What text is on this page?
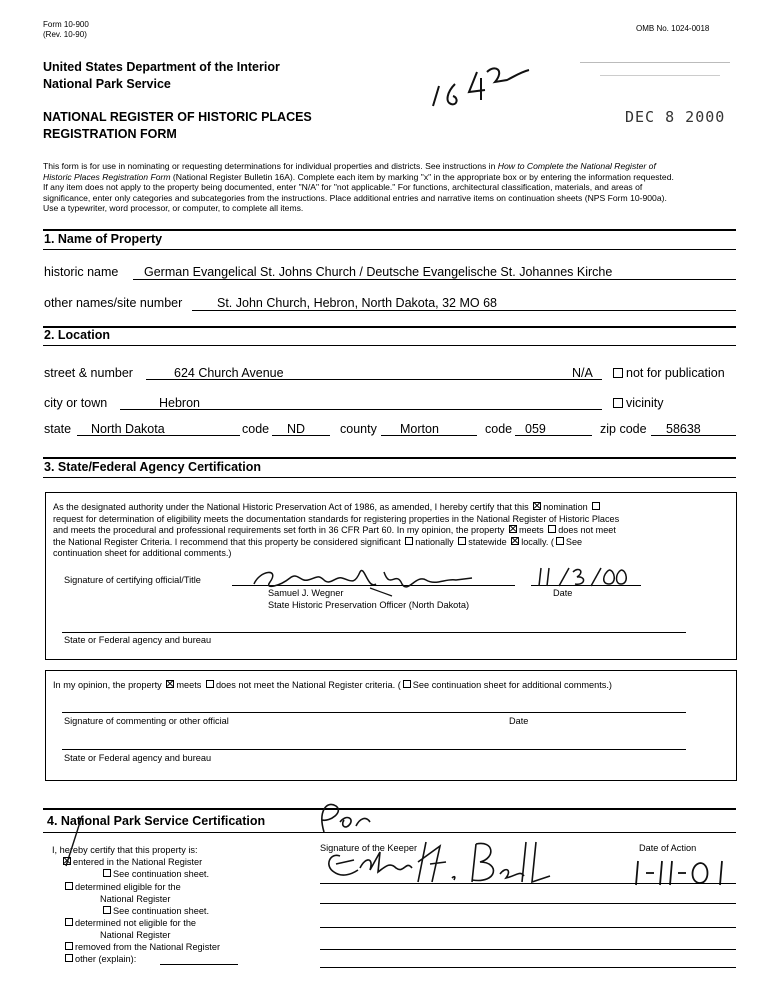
Form 10-900
(Rev. 10-90)
OMB No. 1024-0018
United States Department of the Interior
National Park Service
NATIONAL REGISTER OF HISTORIC PLACES
REGISTRATION FORM
DEC 8 2000
This form is for use in nominating or requesting determinations for individual properties and districts. See instructions in How to Complete the National Register of
Historic Places Registration Form (National Register Bulletin 16A). Complete each item by marking "x" in the appropriate box or by entering the information requested.
If any item does not apply to the property being documented, enter "N/A" for "not applicable." For functions, architectural classification, materials, and areas of
significance, enter only categories and subcategories from the instructions. Place additional entries and narrative items on continuation sheets (NPS Form 10-900a).
Use a typewriter, word processor, or computer, to complete all items.
1. Name of Property
historic name German Evangelical St. Johns Church / Deutsche Evangelische St. Johannes Kirche
other names/site number	St. John Church, Hebron, North Dakota, 32 MO 68
2. Location
street & number	624 Church Avenue	N/A	not for publication
city or town	Hebron	vicinity
state North Dakota	code ND	county Morton	code 059	zip code 58638
3. State/Federal Agency Certification
As the designated authority under the National Historic Preservation Act of 1986, as amended, I hereby certify that this nomination
request for determination of eligibility meets the documentation standards for registering properties in the National Register of Historic Places
and meets the procedural and professional requirements set forth in 36 CFR Part 60. In my opinion, the property meets does not meet
the National Register Criteria. I recommend that this property be considered significant nationally statewide locally. ( See
continuation sheet for additional comments.)
Signature of certifying official/Title
Samuel J. Wegner
State Historic Preservation Officer (North Dakota)
Date
State or Federal agency and bureau
In my opinion, the property meets does not meet the National Register criteria. ( See continuation sheet for additional comments.)
Signature of commenting or other official	Date
State or Federal agency and bureau
4. National Park Service Certification
I, hereby certify that this property is:
entered in the National Register
See continuation sheet.
determined eligible for the
National Register
See continuation sheet.
determined not eligible for the
National Register
removed from the National Register
other (explain):
Signature of the Keeper	Date of Action
